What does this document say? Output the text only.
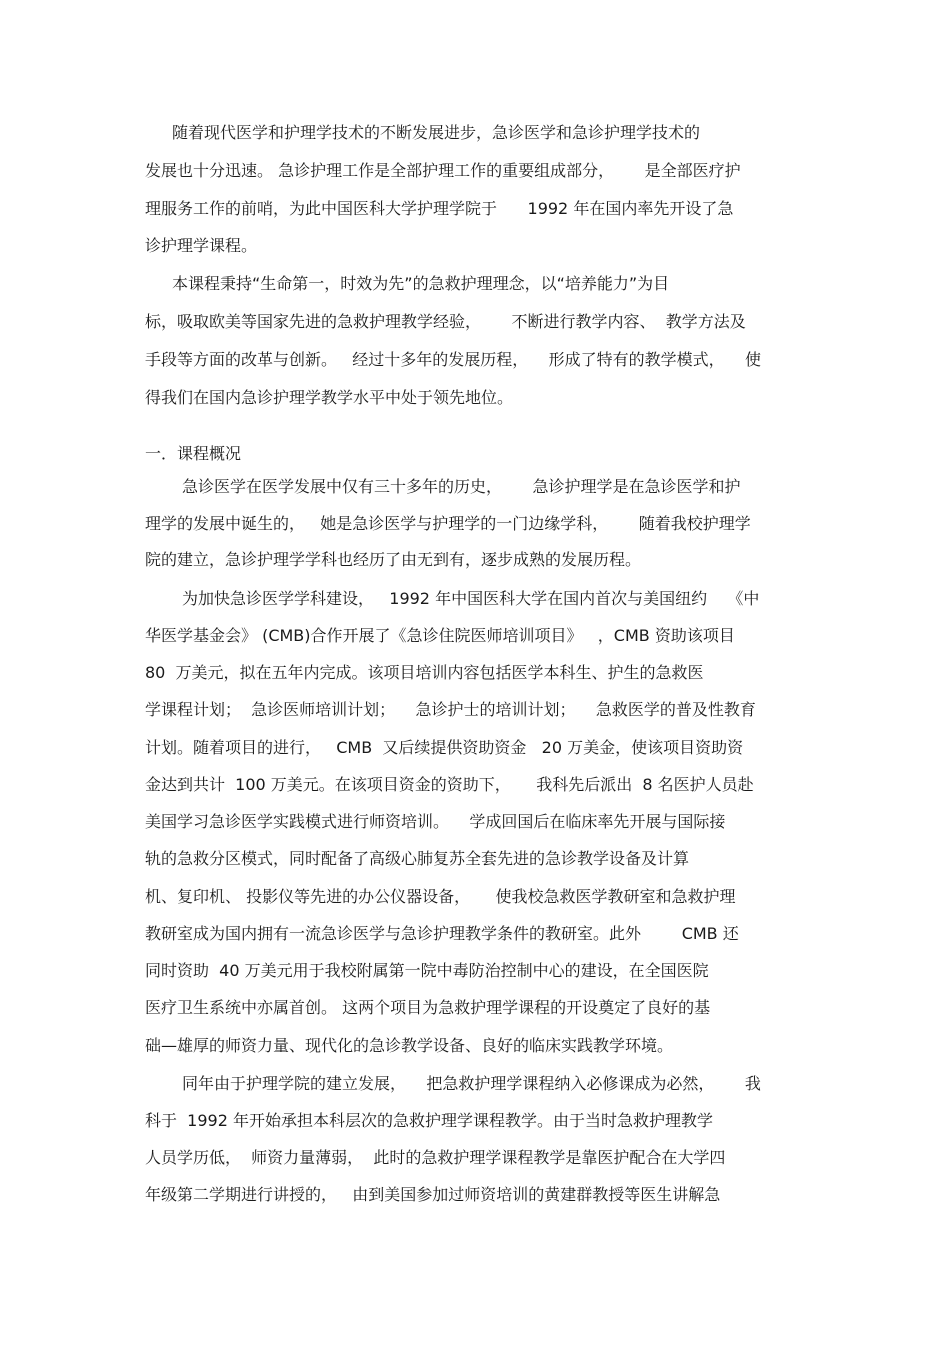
随着现代医学和护理学技术的不断发展进步，急诊医学和急诊护理学技术的
发展也十分迅速。 急诊护理工作是全部护理工作的重要组成部分，      是全部医疗护
理服务工作的前哨，为此中国医科大学护理学院于      1992 年在国内率先开设了急
诊护理学课程。
本课程秉持“生命第一，时效为先”的急救护理理念，以“培养能力”为目
标，吸取欧美等国家先进的急救护理教学经验，      不断进行教学内容、  教学方法及
手段等方面的改革与创新。   经过十多年的发展历程，    形成了特有的教学模式，    使
得我们在国内急诊护理学教学水平中处于领先地位。
一．课程概况
急诊医学在医学发展中仅有三十多年的历史，      急诊护理学是在急诊医学和护
理学的发展中诞生的，   她是急诊医学与护理学的一门边缘学科，      随着我校护理学
院的建立，急诊护理学学科也经历了由无到有，逐步成熟的发展历程。
为加快急诊医学学科建设，   1992 年中国医科大学在国内首次与美国纽约    《中
华医学基金会》 (CMB)合作开展了《急诊住院医师培训项目》   ，CMB 资助该项目
80  万美元，拟在五年内完成。该项目培训内容包括医学本科生、护生的急救医
学课程计划；  急诊医师培训计划；    急诊护士的培训计划；    急救医学的普及性教育
计划。随着项目的进行，   CMB  又后续提供资助资金   20 万美金，使该项目资助资
金达到共计  100 万美元。在该项目资金的资助下，     我科先后派出  8 名医护人员赴
美国学习急诊医学实践模式进行师资培训。    学成回国后在临床率先开展与国际接
轨的急救分区模式，同时配备了高级心肺复苏全套先进的急诊教学设备及计算
机、复印机、 投影仪等先进的办公仪器设备，     使我校急救医学教研室和急救护理
教研室成为国内拥有一流急诊医学与急诊护理教学条件的教研室。此外        CMB 还
同时资助  40 万美元用于我校附属第一院中毒防治控制中心的建设，在全国医院
医疗卫生系统中亦属首创。 这两个项目为急救护理学课程的开设奠定了良好的基
础—雄厚的师资力量、现代化的急诊教学设备、良好的临床实践教学环境。
同年由于护理学院的建立发展，    把急救护理学课程纳入必修课成为必然，      我
科于  1992 年开始承担本科层次的急救护理学课程教学。由于当时急救护理教学
人员学历低，  师资力量薄弱，  此时的急救护理学课程教学是靠医护配合在大学四
年级第二学期进行讲授的，   由到美国参加过师资培训的黄建群教授等医生讲解急
